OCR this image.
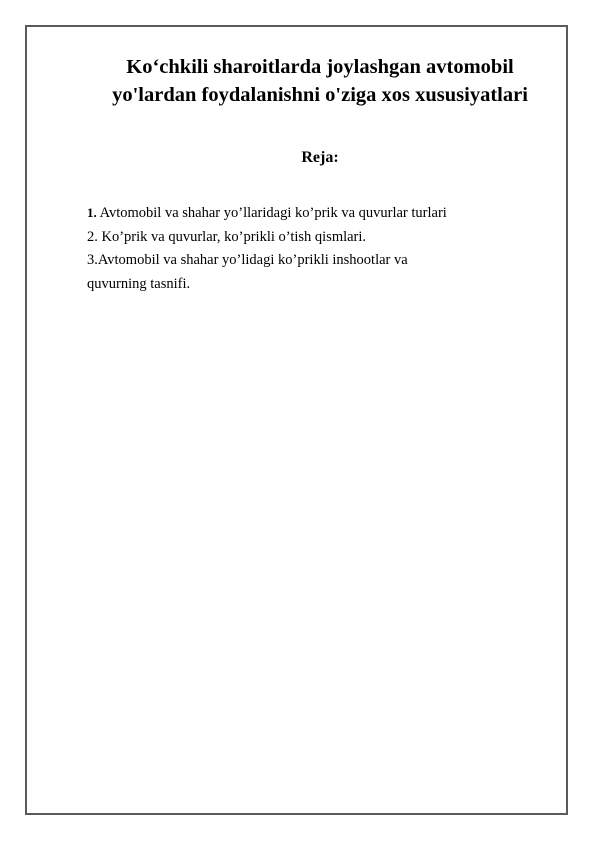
Ko‘chkili sharoitlarda joylashgan avtomobil
yo'lardan foydalanishni o'ziga xos xususiyatlari
Reja:
1. Avtomobil va shahar yo’llaridagi ko’prik va quvurlar turlari
2. Ko’prik va quvurlar, ko’prikli o’tish qismlari.
3.Avtomobil va shahar yo’lidagi ko’prikli inshootlar va
quvurning tasnifi.
